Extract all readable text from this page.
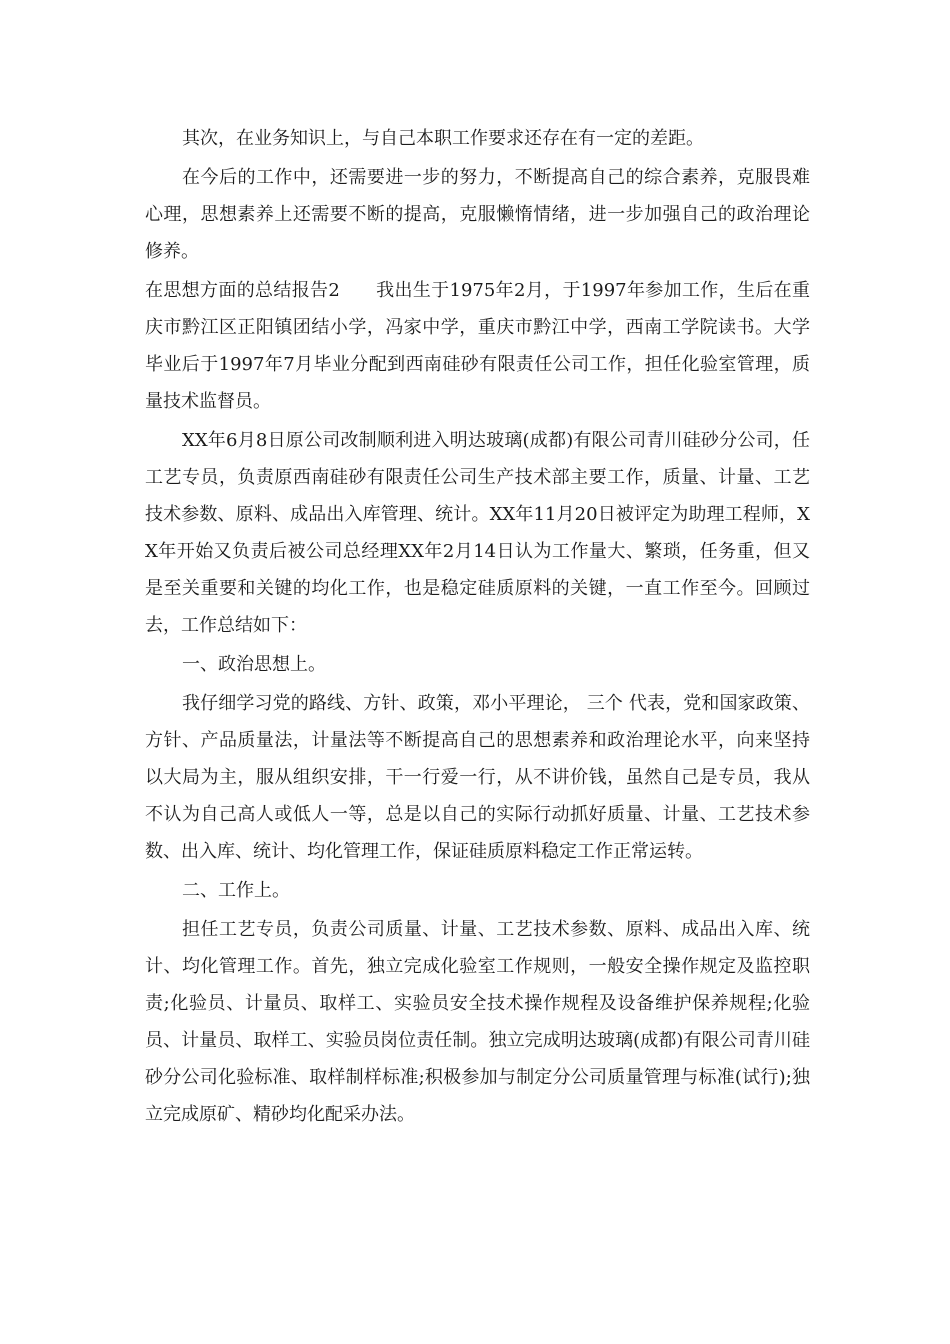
其次，在业务知识上，与自己本职工作要求还存在有一定的差距。

在今后的工作中，还需要进一步的努力，不断提高自己的综合素养，克服畏难心理，思想素养上还需要不断的提高，克服懒惰情绪，进一步加强自己的政治理论修养。

在思想方面的总结报告2 我出生于1975年2月，于1997年参加工作，生后在重庆市黔江区正阳镇团结小学，冯家中学，重庆市黔江中学，西南工学院读书。大学毕业后于1997年7月毕业分配到西南硅砂有限责任公司工作，担任化验室管理，质量技术监督员。

XX年6月8日原公司改制顺利进入明达玻璃(成都)有限公司青川硅砂分公司，任工艺专员，负责原西南硅砂有限责任公司生产技术部主要工作，质量、计量、工艺技术参数、原料、成品出入库管理、统计。XX年11月20日被评定为助理工程师，XX年开始又负责后被公司总经理XX年2月14日认为工作量大、繁琐，任务重，但又是至关重要和关键的均化工作，也是稳定硅质原料的关键，一直工作至今。回顾过去，工作总结如下：

一、政治思想上。

我仔细学习党的路线、方针、政策，邓小平理论， 三个 代表，党和国家政策、方针、产品质量法，计量法等不断提高自己的思想素养和政治理论水平，向来坚持以大局为主，服从组织安排，干一行爱一行，从不讲价钱，虽然自己是专员，我从不认为自己高人或低人一等，总是以自己的实际行动抓好质量、计量、工艺技术参数、出入库、统计、均化管理工作，保证硅质原料稳定工作正常运转。

二、工作上。

担任工艺专员，负责公司质量、计量、工艺技术参数、原料、成品出入库、统计、均化管理工作。首先，独立完成化验室工作规则，一般安全操作规定及监控职责;化验员、计量员、取样工、实验员安全技术操作规程及设备维护保养规程;化验员、计量员、取样工、实验员岗位责任制。独立完成明达玻璃(成都)有限公司青川硅砂分公司化验标准、取样制样标准;积极参加与制定分公司质量管理与标准(试行);独立完成原矿、精砂均化配采办法。
